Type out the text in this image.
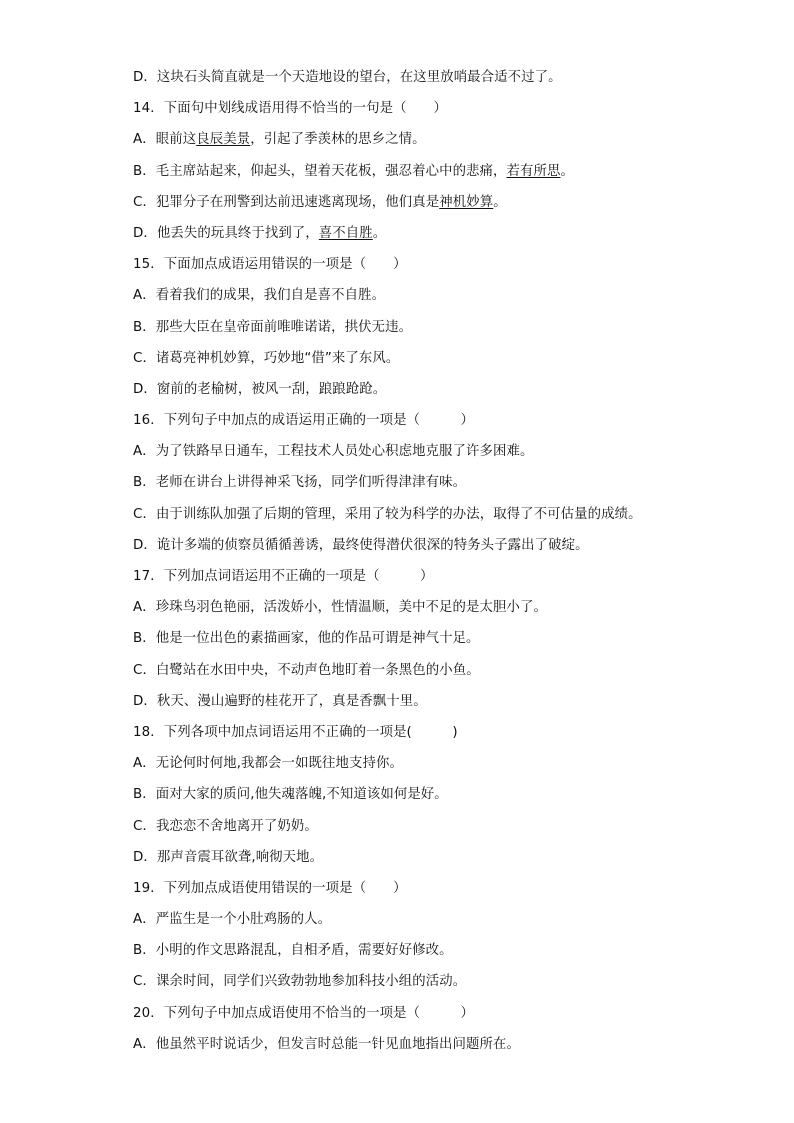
D．这块石头简直就是一个天造地设的望台，在这里放哨最合适不过了。
14．下面句中划线成语用得不恰当的一句是（　　）
A．眼前这良辰美景，引起了季羡林的思乡之情。
B．毛主席站起来，仰起头，望着天花板，强忍着心中的悲痛，若有所思。
C．犯罪分子在刑警到达前迅速逃离现场，他们真是神机妙算。
D．他丢失的玩具终于找到了，喜不自胜。
15．下面加点成语运用错误的一项是（　　）
A．看着我们的成果，我们自是喜不自胜。
B．那些大臣在皇帝面前唯唯诺诺，拱伏无违。
C．诸葛亮神机妙算，巧妙地“借”来了东风。
D．窗前的老榆树，被风一刮，踉踉跄跄。
16．下列句子中加点的成语运用正确的一项是（　　　）
A．为了铁路早日通车，工程技术人员处心积虑地克服了许多困难。
B．老师在讲台上讲得神采飞扬，同学们听得津津有味。
C．由于训练队加强了后期的管理，采用了较为科学的办法，取得了不可估量的成绩。
D．诡计多端的侦察员循循善诱，最终使得潜伏很深的特务头子露出了破绽。
17．下列加点词语运用不正确的一项是（　　　）
A．珍珠鸟羽色艳丽，活泼娇小，性情温顺，美中不足的是太胆小了。
B．他是一位出色的素描画家，他的作品可谓是神气十足。
C．白鹭站在水田中央，不动声色地盯着一条黑色的小鱼。
D．秋天、漫山遍野的桂花开了，真是香飘十里。
18．下列各项中加点词语运用不正确的一项是(　　　)
A．无论何时何地,我都会一如既往地支持你。
B．面对大家的质问,他失魂落魄,不知道该如何是好。
C．我恋恋不舍地离开了奶奶。
D．那声音震耳欲聋,响彻天地。
19．下列加点成语使用错误的一项是（　　）
A．严监生是一个小肚鸡肠的人。
B．小明的作文思路混乱，自相矛盾，需要好好修改。
C．课余时间，同学们兴致勃勃地参加科技小组的活动。
20．下列句子中加点成语使用不恰当的一项是（　　　）
A．他虽然平时说话少，但发言时总能一针见血地指出问题所在。
